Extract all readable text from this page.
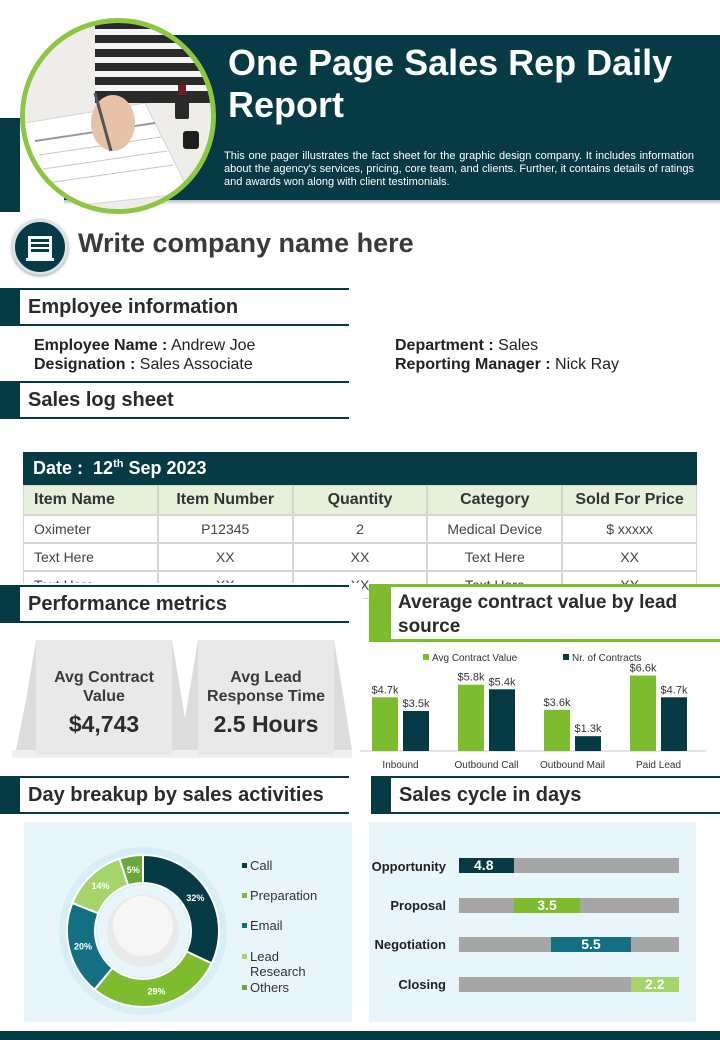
One Page Sales Rep Daily Report
This one pager illustrates the fact sheet for the graphic design company. It includes information about the agency's services, pricing, core team, and clients. Further, it contains details of ratings and awards won along with client testimonials.
Write company name here
Employee information
Employee Name : Andrew Joe
Designation : Sales Associate
Department : Sales
Reporting Manager : Nick Ray
Sales log sheet
Date : 12th Sep 2023
Item Name	Item Number	Quantity	Category	Sold For Price
Oximeter	P12345	2	Medical Device	$ xxxxx
Text Here	XX	XX	Text Here	XX
Performance metrics
Avg Contract Value
$4,743
Avg Lead Response Time
2.5 Hours
Average contract value by lead source
Avg Contract Value	Nr. of Contracts
$4.7k
$3.5k
Inbound
$5.8k $5.4k
Outbound Call
$3.6k
$1.3k
Outbound Mail
$6.6k
$4.7k
Paid Lead
Day breakup by sales activities
32%
29%
20%
14%
5%	Call
Preparation
Email
Lead Research
Others
Sales cycle in days
Opportunity
Proposal
Negotiation
Closing
4.8
3.5
5.5
2.2
